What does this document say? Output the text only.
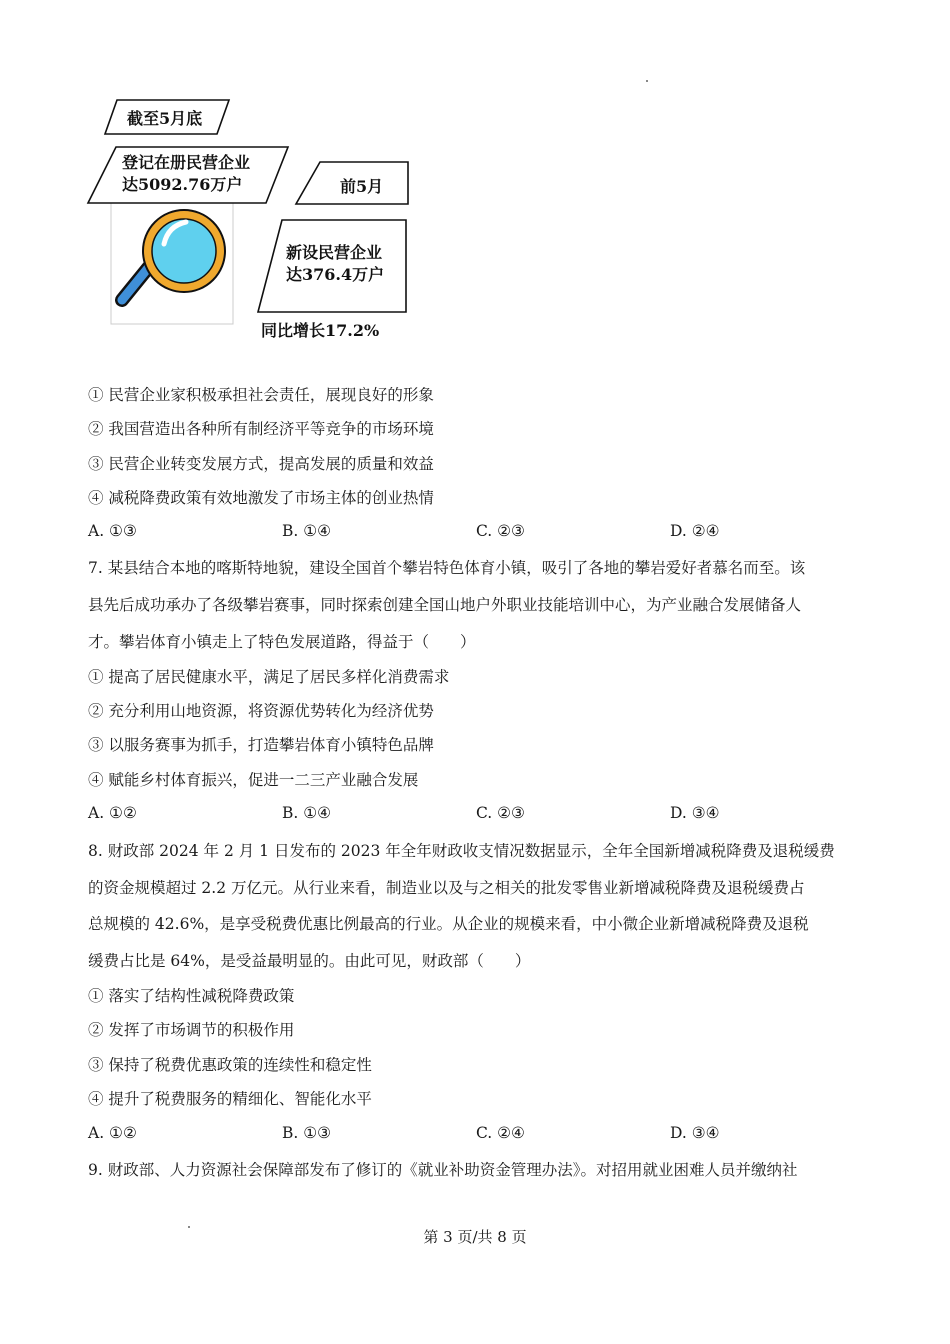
截至5月底
登记在册民营企业
达5092.76万户	前5月
新设民营企业
达376.4万户
同比增长17.2%
① 民营企业家积极承担社会责任，展现良好的形象
② 我国营造出各种所有制经济平等竞争的市场环境
③ 民营企业转变发展方式，提高发展的质量和效益
④ 减税降费政策有效地激发了市场主体的创业热情
A. ①③	B. ①④	C. ②③	D. ②④
7. 某县结合本地的喀斯特地貌，建设全国首个攀岩特色体育小镇，吸引了各地的攀岩爱好者慕名而至。该
县先后成功承办了各级攀岩赛事，同时探索创建全国山地户外职业技能培训中心，为产业融合发展储备人
才。攀岩体育小镇走上了特色发展道路，得益于（　　）
① 提高了居民健康水平，满足了居民多样化消费需求
② 充分利用山地资源，将资源优势转化为经济优势
③ 以服务赛事为抓手，打造攀岩体育小镇特色品牌
④ 赋能乡村体育振兴，促进一二三产业融合发展
A. ①②	B. ①④	C. ②③	D. ③④
8. 财政部 2024 年 2 月 1 日发布的 2023 年全年财政收支情况数据显示，全年全国新增减税降费及退税缓费
的资金规模超过 2.2 万亿元。从行业来看，制造业以及与之相关的批发零售业新增减税降费及退税缓费占
总规模的 42.6%，是享受税费优惠比例最高的行业。从企业的规模来看，中小微企业新增减税降费及退税
缓费占比是 64%，是受益最明显的。由此可见，财政部（　　）
① 落实了结构性减税降费政策
② 发挥了市场调节的积极作用
③ 保持了税费优惠政策的连续性和稳定性
④ 提升了税费服务的精细化、智能化水平
A. ①②	B. ①③	C. ②④	D. ③④
9. 财政部、人力资源社会保障部发布了修订的《就业补助资金管理办法》。对招用就业困难人员并缴纳社
第 3 页/共 8 页
